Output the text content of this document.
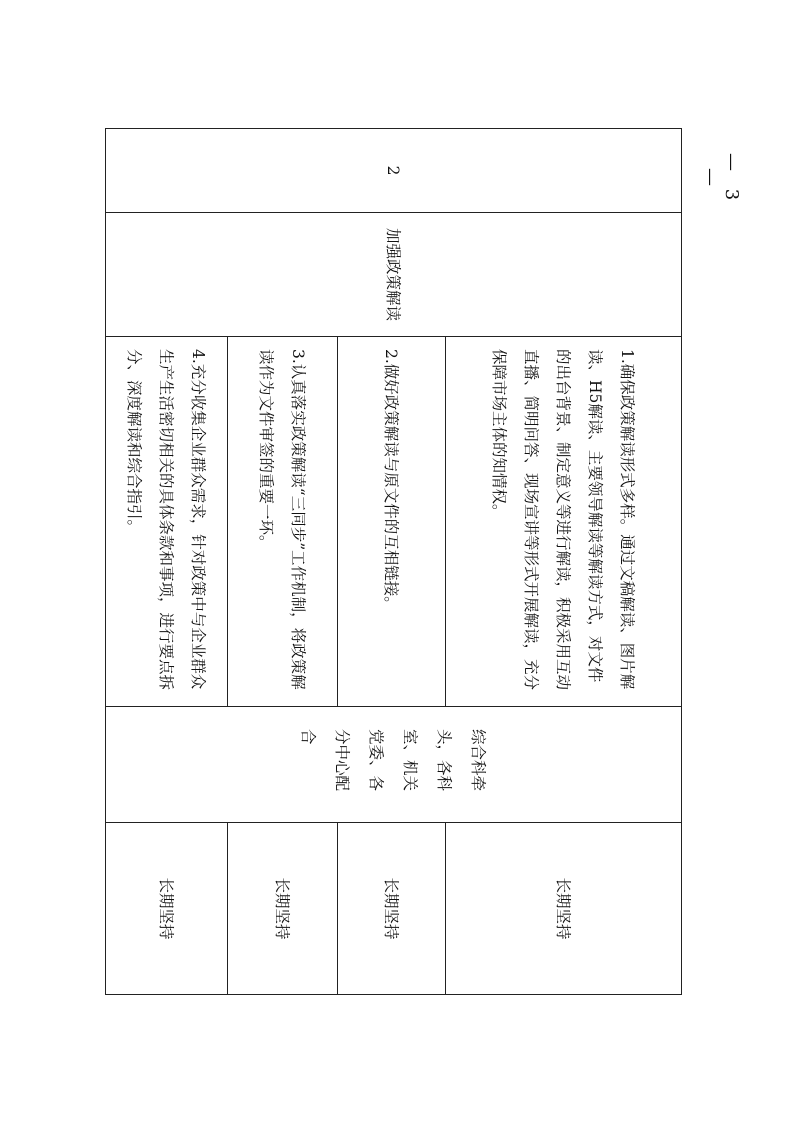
— 3 —
2	加强政策解读	1.确保政策解读形式多样。通过文稿解读、图片解读、H5解读、主要领导解读等解读方式，对文件的出台背景、制定意义等进行解读，积极采用互动直播、简明问答、现场宣讲等形式开展解读，充分保障市场主体的知情权。	综合科牵头，各科室、机关党委、各分中心配合	长期坚持
		2.做好政策解读与原文件的互相链接。		长期坚持
		3.认真落实政策解读“三同步”工作机制，将政策解读作为文件审签的重要一环。		长期坚持
		4.充分收集企业群众需求，针对政策中与企业群众生产生活密切相关的具体条款和事项，进行要点拆分、深度解读和综合指引。		长期坚持
